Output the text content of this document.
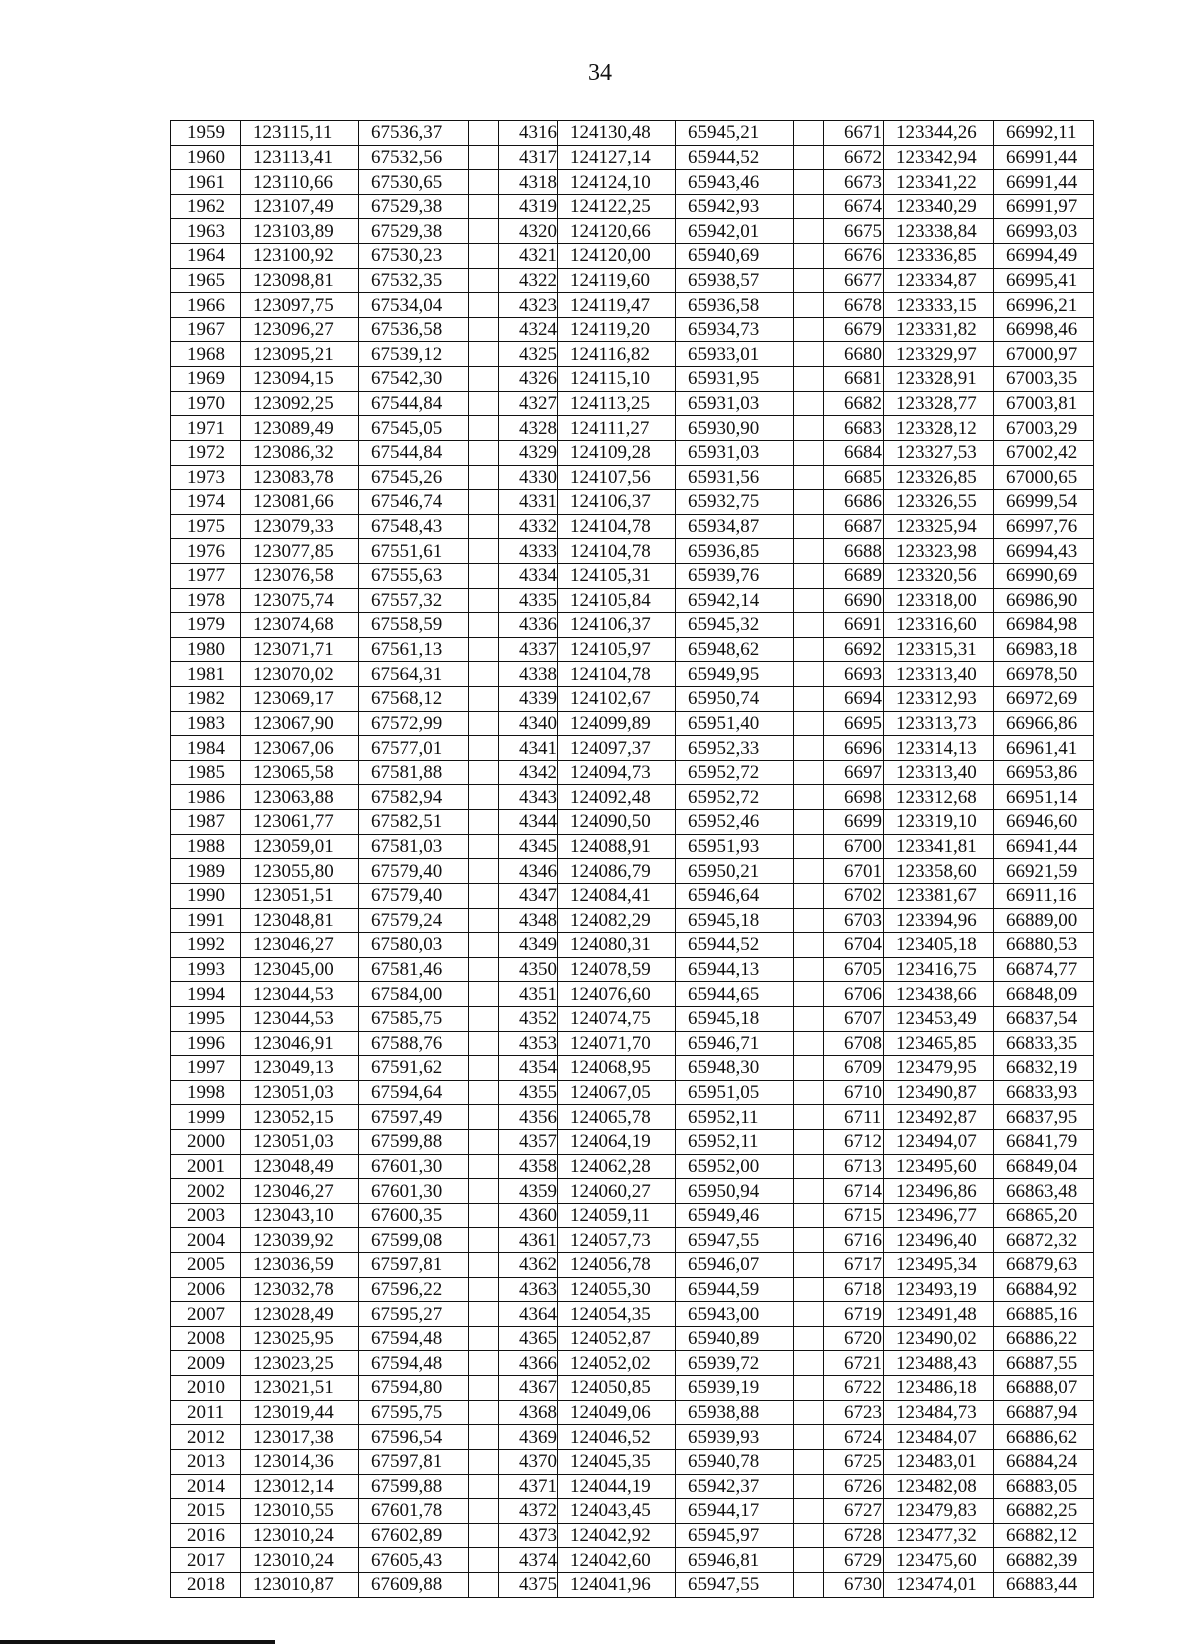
34
1959	123115,11	67536,37		4316	124130,48	65945,21		6671	123344,26	66992,11
1960	123113,41	67532,56		4317	124127,14	65944,52		6672	123342,94	66991,44
1961	123110,66	67530,65		4318	124124,10	65943,46		6673	123341,22	66991,44
1962	123107,49	67529,38		4319	124122,25	65942,93		6674	123340,29	66991,97
1963	123103,89	67529,38		4320	124120,66	65942,01		6675	123338,84	66993,03
1964	123100,92	67530,23		4321	124120,00	65940,69		6676	123336,85	66994,49
1965	123098,81	67532,35		4322	124119,60	65938,57		6677	123334,87	66995,41
1966	123097,75	67534,04		4323	124119,47	65936,58		6678	123333,15	66996,21
1967	123096,27	67536,58		4324	124119,20	65934,73		6679	123331,82	66998,46
1968	123095,21	67539,12		4325	124116,82	65933,01		6680	123329,97	67000,97
1969	123094,15	67542,30		4326	124115,10	65931,95		6681	123328,91	67003,35
1970	123092,25	67544,84		4327	124113,25	65931,03		6682	123328,77	67003,81
1971	123089,49	67545,05		4328	124111,27	65930,90		6683	123328,12	67003,29
1972	123086,32	67544,84		4329	124109,28	65931,03		6684	123327,53	67002,42
1973	123083,78	67545,26		4330	124107,56	65931,56		6685	123326,85	67000,65
1974	123081,66	67546,74		4331	124106,37	65932,75		6686	123326,55	66999,54
1975	123079,33	67548,43		4332	124104,78	65934,87		6687	123325,94	66997,76
1976	123077,85	67551,61		4333	124104,78	65936,85		6688	123323,98	66994,43
1977	123076,58	67555,63		4334	124105,31	65939,76		6689	123320,56	66990,69
1978	123075,74	67557,32		4335	124105,84	65942,14		6690	123318,00	66986,90
1979	123074,68	67558,59		4336	124106,37	65945,32		6691	123316,60	66984,98
1980	123071,71	67561,13		4337	124105,97	65948,62		6692	123315,31	66983,18
1981	123070,02	67564,31		4338	124104,78	65949,95		6693	123313,40	66978,50
1982	123069,17	67568,12		4339	124102,67	65950,74		6694	123312,93	66972,69
1983	123067,90	67572,99		4340	124099,89	65951,40		6695	123313,73	66966,86
1984	123067,06	67577,01		4341	124097,37	65952,33		6696	123314,13	66961,41
1985	123065,58	67581,88		4342	124094,73	65952,72		6697	123313,40	66953,86
1986	123063,88	67582,94		4343	124092,48	65952,72		6698	123312,68	66951,14
1987	123061,77	67582,51		4344	124090,50	65952,46		6699	123319,10	66946,60
1988	123059,01	67581,03		4345	124088,91	65951,93		6700	123341,81	66941,44
1989	123055,80	67579,40		4346	124086,79	65950,21		6701	123358,60	66921,59
1990	123051,51	67579,40		4347	124084,41	65946,64		6702	123381,67	66911,16
1991	123048,81	67579,24		4348	124082,29	65945,18		6703	123394,96	66889,00
1992	123046,27	67580,03		4349	124080,31	65944,52		6704	123405,18	66880,53
1993	123045,00	67581,46		4350	124078,59	65944,13		6705	123416,75	66874,77
1994	123044,53	67584,00		4351	124076,60	65944,65		6706	123438,66	66848,09
1995	123044,53	67585,75		4352	124074,75	65945,18		6707	123453,49	66837,54
1996	123046,91	67588,76		4353	124071,70	65946,71		6708	123465,85	66833,35
1997	123049,13	67591,62		4354	124068,95	65948,30		6709	123479,95	66832,19
1998	123051,03	67594,64		4355	124067,05	65951,05		6710	123490,87	66833,93
1999	123052,15	67597,49		4356	124065,78	65952,11		6711	123492,87	66837,95
2000	123051,03	67599,88		4357	124064,19	65952,11		6712	123494,07	66841,79
2001	123048,49	67601,30		4358	124062,28	65952,00		6713	123495,60	66849,04
2002	123046,27	67601,30		4359	124060,27	65950,94		6714	123496,86	66863,48
2003	123043,10	67600,35		4360	124059,11	65949,46		6715	123496,77	66865,20
2004	123039,92	67599,08		4361	124057,73	65947,55		6716	123496,40	66872,32
2005	123036,59	67597,81		4362	124056,78	65946,07		6717	123495,34	66879,63
2006	123032,78	67596,22		4363	124055,30	65944,59		6718	123493,19	66884,92
2007	123028,49	67595,27		4364	124054,35	65943,00		6719	123491,48	66885,16
2008	123025,95	67594,48		4365	124052,87	65940,89		6720	123490,02	66886,22
2009	123023,25	67594,48		4366	124052,02	65939,72		6721	123488,43	66887,55
2010	123021,51	67594,80		4367	124050,85	65939,19		6722	123486,18	66888,07
2011	123019,44	67595,75		4368	124049,06	65938,88		6723	123484,73	66887,94
2012	123017,38	67596,54		4369	124046,52	65939,93		6724	123484,07	66886,62
2013	123014,36	67597,81		4370	124045,35	65940,78		6725	123483,01	66884,24
2014	123012,14	67599,88		4371	124044,19	65942,37		6726	123482,08	66883,05
2015	123010,55	67601,78		4372	124043,45	65944,17		6727	123479,83	66882,25
2016	123010,24	67602,89		4373	124042,92	65945,97		6728	123477,32	66882,12
2017	123010,24	67605,43		4374	124042,60	65946,81		6729	123475,60	66882,39
2018	123010,87	67609,88		4375	124041,96	65947,55		6730	123474,01	66883,44
